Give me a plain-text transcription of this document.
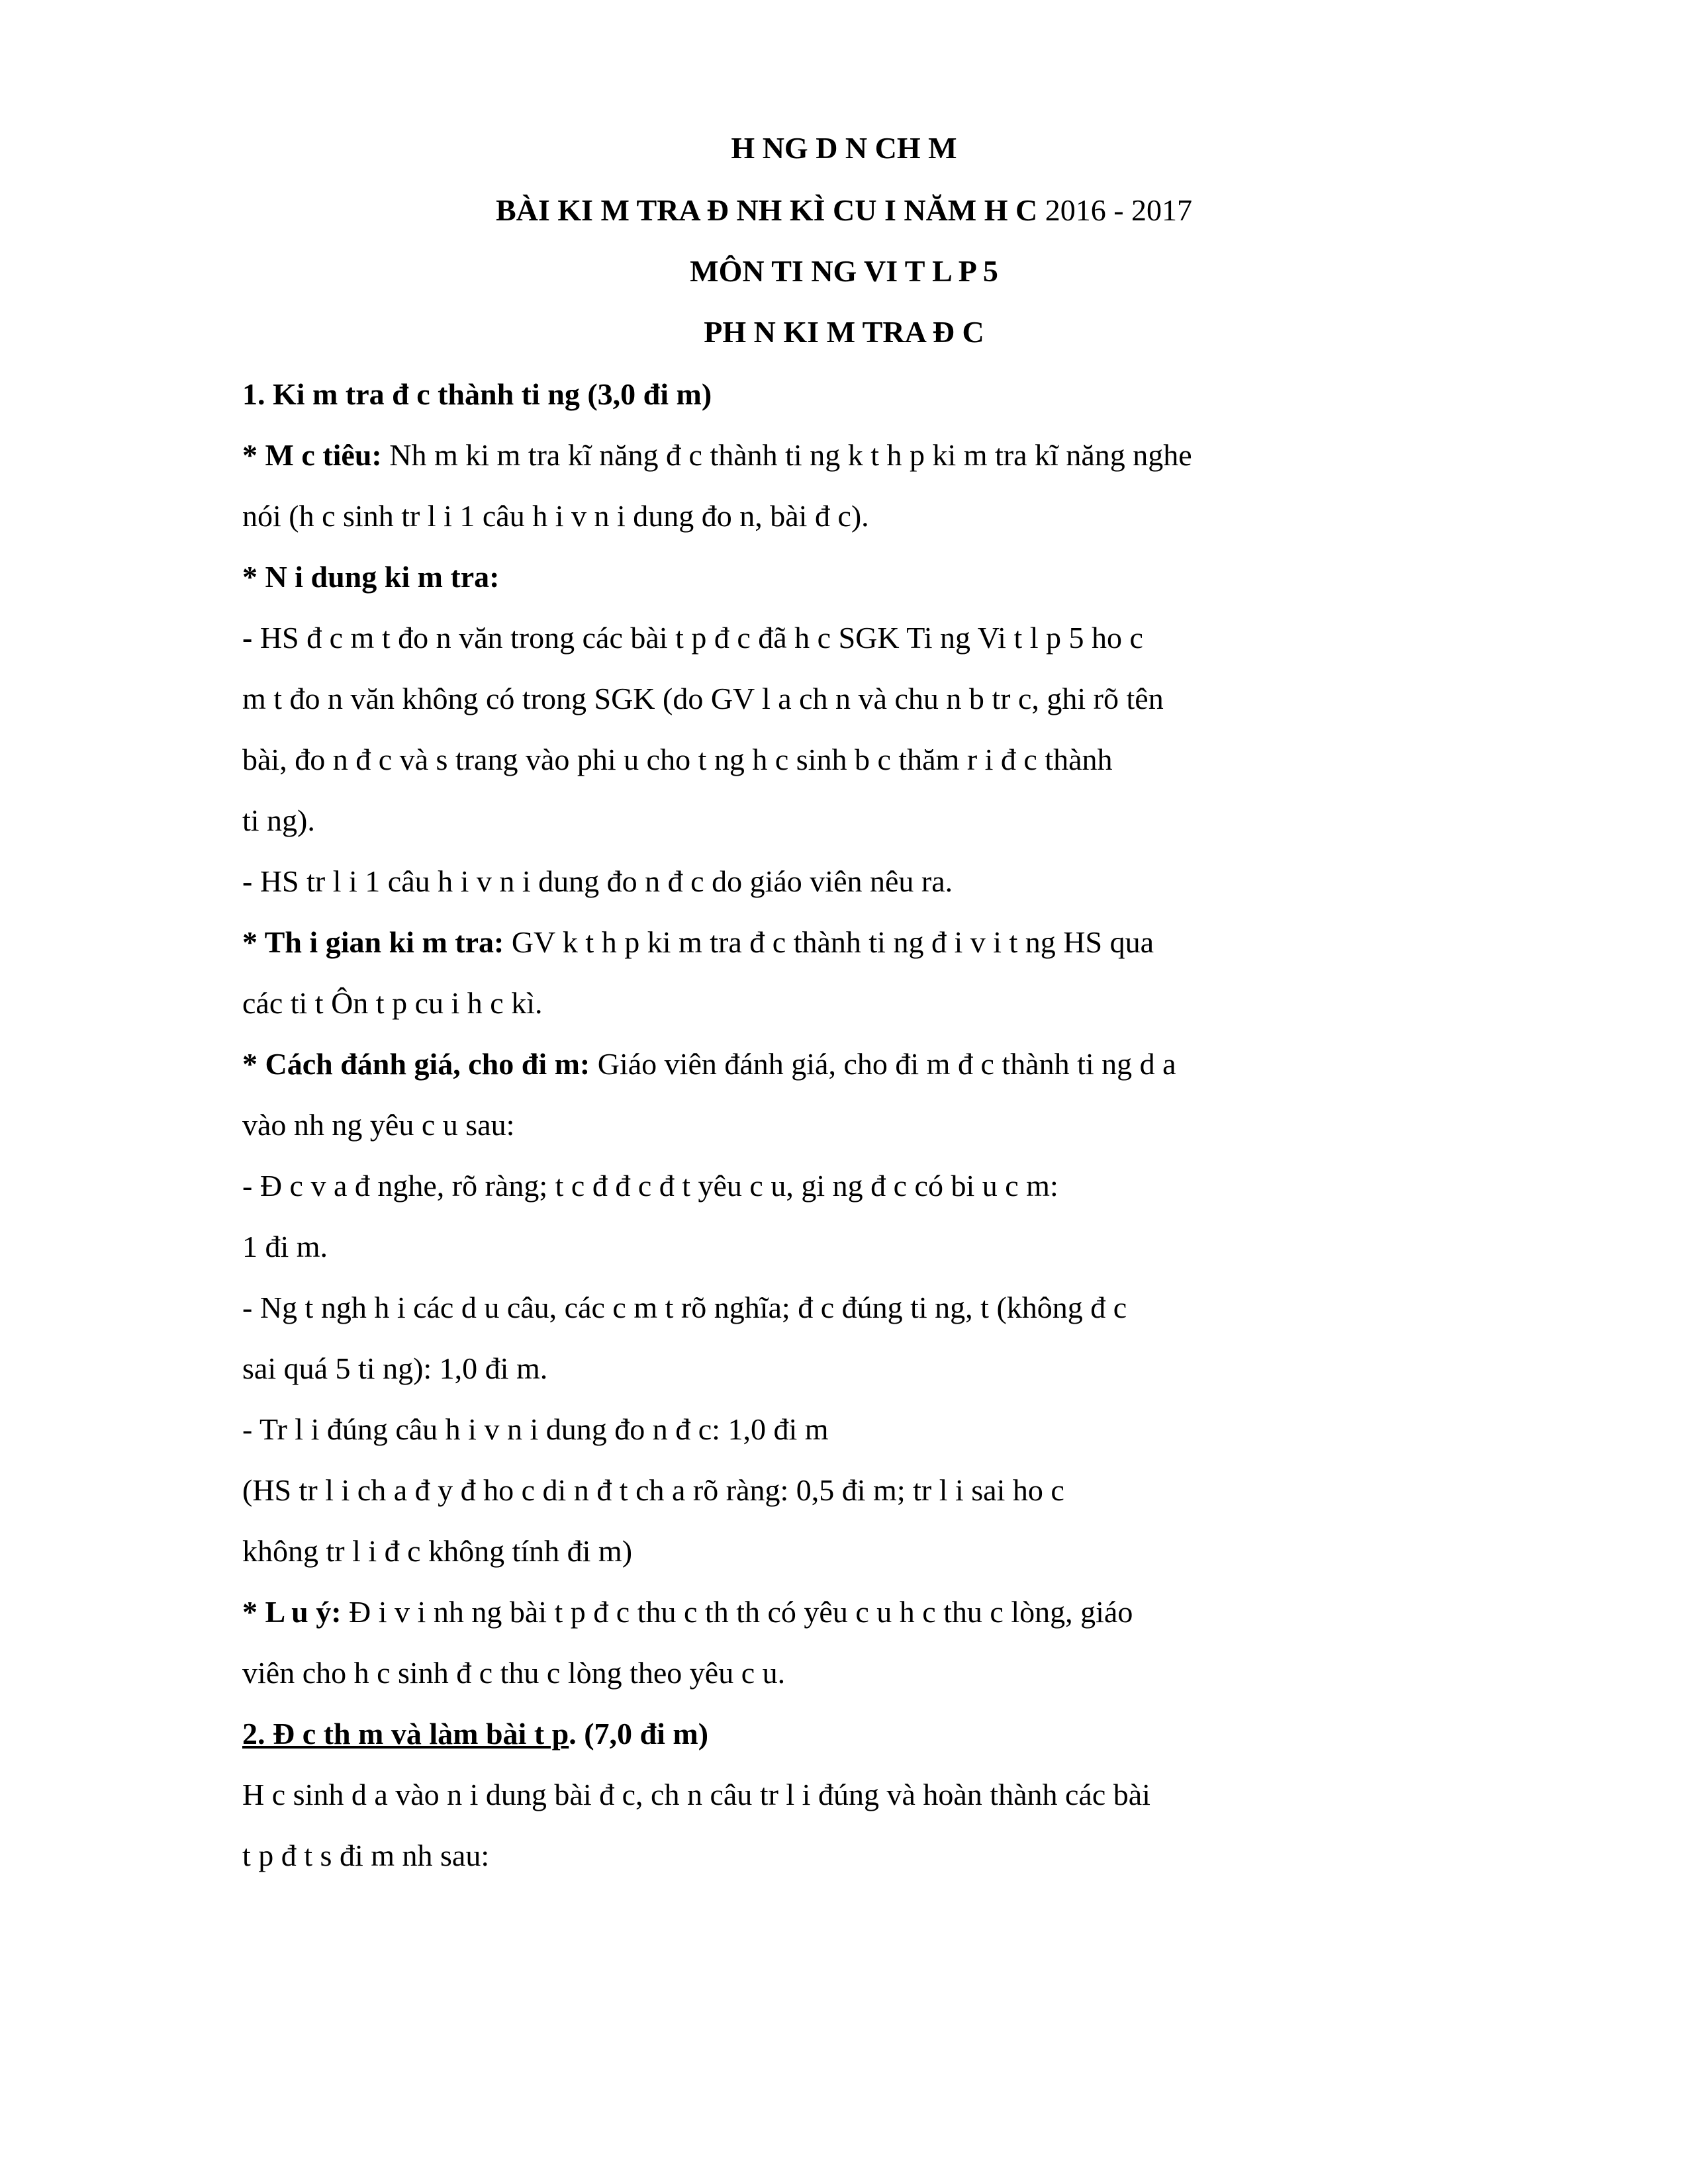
H NG D N CH M
BÀI KI M TRA Đ NH KÌ CU I NĂM H C 2016 - 2017
MÔN TI NG VI T L P 5
PH N KI M TRA Đ C
1. Ki m tra đ c thành ti ng (3,0 đi m)
* M c tiêu: Nh m ki m tra kĩ năng đ c thành ti ng k t h p ki m tra kĩ năng nghe
nói (h c sinh tr l i 1 câu h i v n i dung đo n, bài đ c).
* N i dung ki m tra:
- HS đ c m t đo n văn trong các bài t p đ c đã h c SGK Ti ng Vi t l p 5 ho c
m t đo n văn không có trong SGK (do GV l a ch n và chu n b tr c, ghi rõ tên
bài, đo n đ c và s trang vào phi u cho t ng h c sinh b c thăm r i đ c thành
ti ng).
- HS tr l i 1 câu h i v n i dung đo n đ c do giáo viên nêu ra.
* Th i gian ki m tra: GV k t h p ki m tra đ c thành ti ng đ i v i t ng HS qua
các ti t Ôn t p cu i h c kì.
* Cách đánh giá, cho đi m: Giáo viên đánh giá, cho đi m đ c thành ti ng d a
vào nh ng yêu c u sau:
- Đ c v a đ nghe, rõ ràng; t c đ đ c đ t yêu c u, gi ng đ c có bi u c m:
1 đi m.
- Ng t ngh h i các d u câu, các c m t rõ nghĩa; đ c đúng ti ng, t (không đ c
sai quá 5 ti ng): 1,0 đi m.
- Tr l i đúng câu h i v n i dung đo n đ c: 1,0 đi m
(HS tr l i ch a đ y đ ho c di n đ t ch a rõ ràng: 0,5 đi m; tr l i sai ho c
không tr l i đ c không tính đi m)
* L u ý: Đ i v i nh ng bài t p đ c thu c th th có yêu c u h c thu c lòng, giáo
viên cho h c sinh đ c thu c lòng theo yêu c u.
2. Đ c th m và làm bài t p. (7,0 đi m)
H c sinh d a vào n i dung bài đ c, ch n câu tr l i đúng và hoàn thành các bài
t p đ t s đi m nh sau:
